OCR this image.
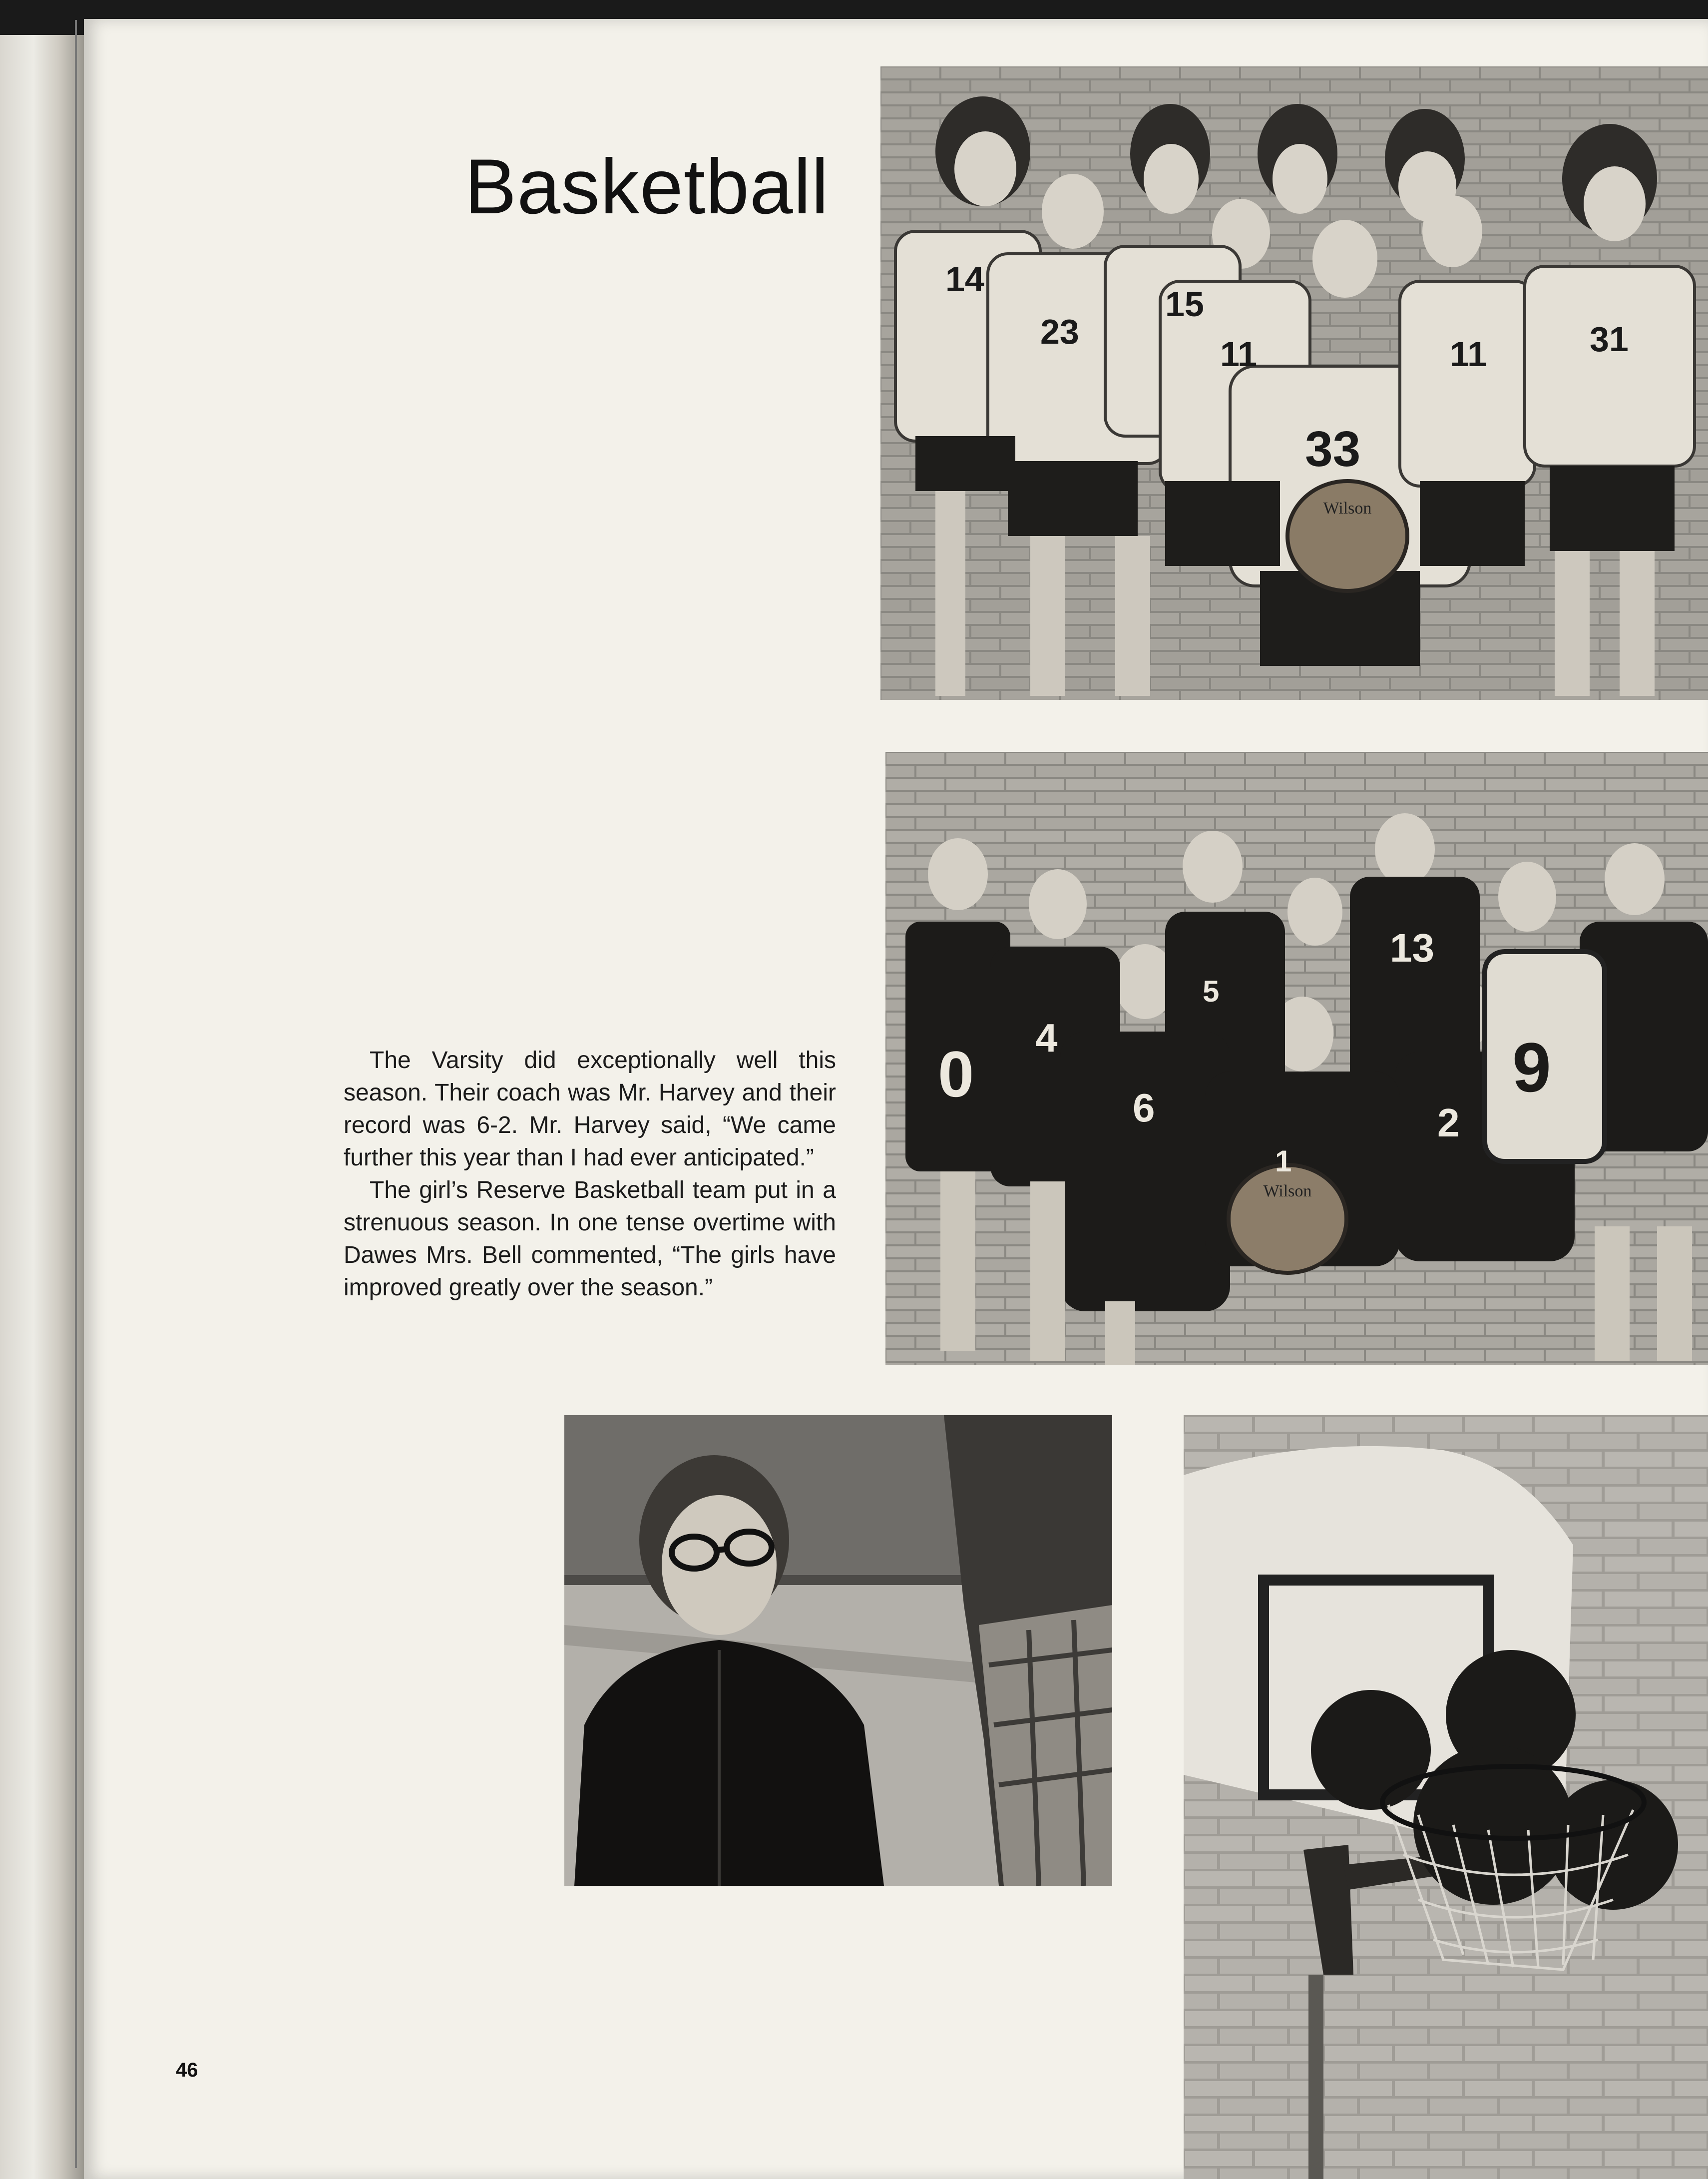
Basketball
Wilson
14
23
15
11
33
11	31
Wilson
0 4
6
5
1
13
2
9

The Varsity did exceptionally well this season. Their coach was Mr. Harvey and their record was 6-2. Mr. Harvey said, “We came further this year than I had ever anticipated.”

The girl’s Reserve Basketball team put in a strenuous season. In one tense overtime with Dawes Mrs. Bell commented, “The girls have improved greatly over the season.”

46
